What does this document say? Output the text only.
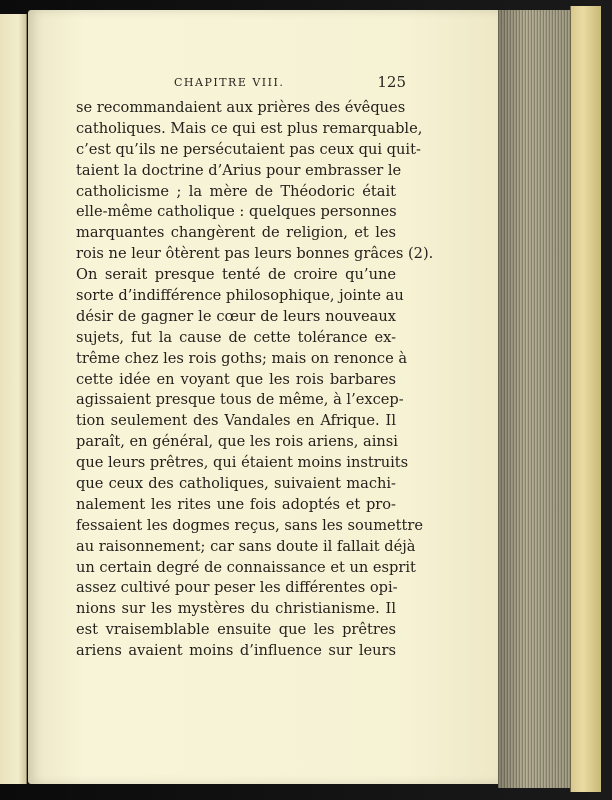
CHAPITRE VIII.	125
se recommandaient aux prières des évêques
catholiques. Mais ce qui est plus remarquable,
c’est qu’ils ne persécutaient pas ceux qui quit-
taient la doctrine d’Arius pour embrasser le
catholicisme ; la mère de Théodoric était
elle-même catholique : quelques personnes
marquantes changèrent de religion, et les
rois ne leur ôtèrent pas leurs bonnes grâces (2).
On serait presque tenté de croire qu’une
sorte d’indifférence philosophique, jointe au
désir de gagner le cœur de leurs nouveaux
sujets, fut la cause de cette tolérance ex-
trême chez les rois goths; mais on renonce à
cette idée en voyant que les rois barbares
agissaient presque tous de même, à l’excep-
tion seulement des Vandales en Afrique. Il
paraît, en général, que les rois ariens, ainsi
que leurs prêtres, qui étaient moins instruits
que ceux des catholiques, suivaient machi-
nalement les rites une fois adoptés et pro-
fessaient les dogmes reçus, sans les soumettre
au raisonnement; car sans doute il fallait déjà
un certain degré de connaissance et un esprit
assez cultivé pour peser les différentes opi-
nions sur les mystères du christianisme. Il
est vraisemblable ensuite que les prêtres
ariens avaient moins d’influence sur leurs
